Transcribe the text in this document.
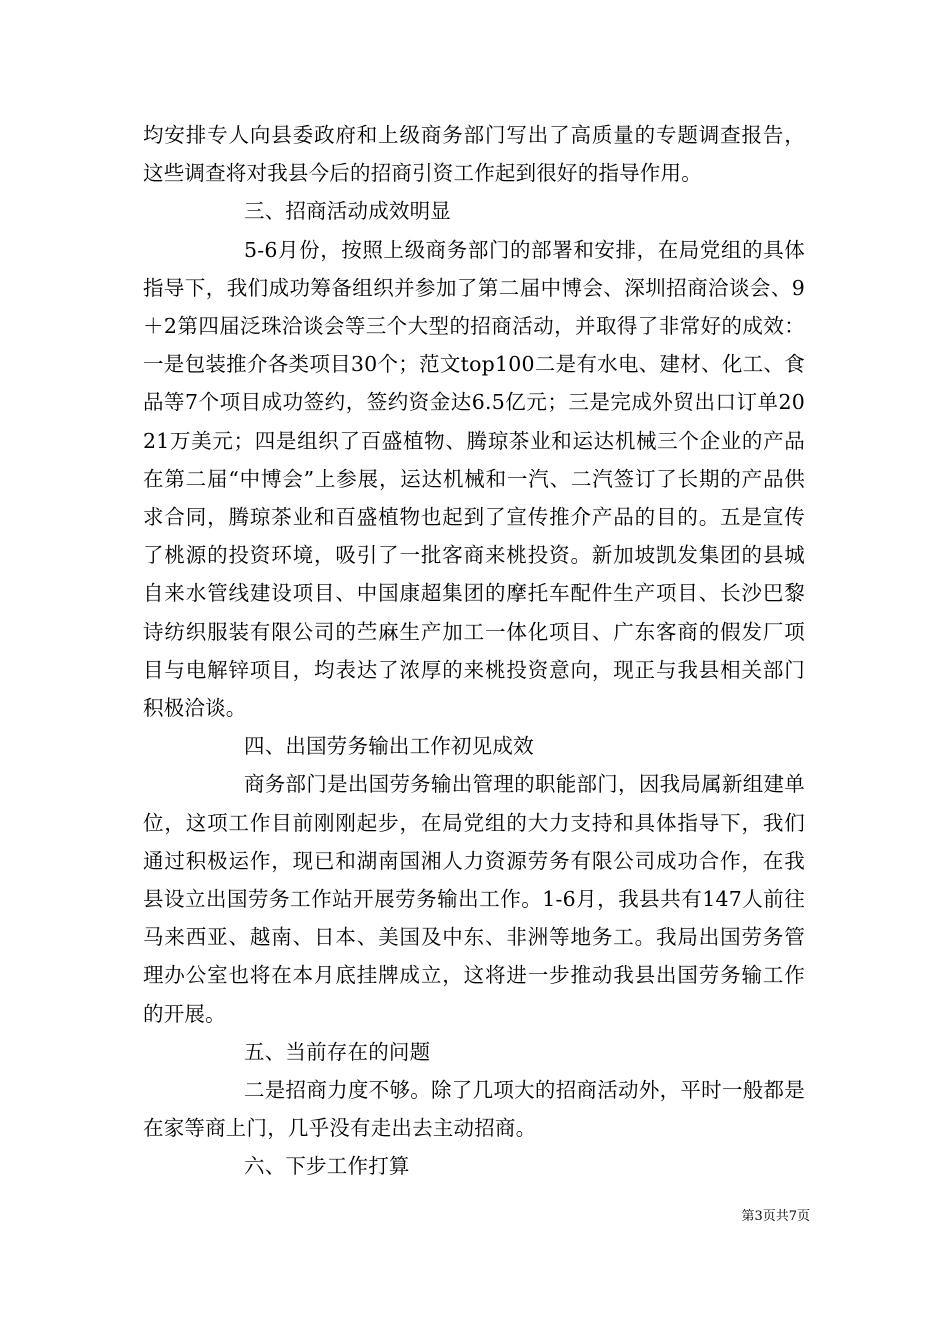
均安排专人向县委政府和上级商务部门写出了高质量的专题调查报告，这些调查将对我县今后的招商引资工作起到很好的指导作用。

三、招商活动成效明显

5-6月份，按照上级商务部门的部署和安排，在局党组的具体指导下，我们成功筹备组织并参加了第二届中博会、深圳招商洽谈会、9＋2第四届泛珠洽谈会等三个大型的招商活动，并取得了非常好的成效：一是包装推介各类项目30个；范文top100二是有水电、建材、化工、食品等7个项目成功签约，签约资金达6.5亿元；三是完成外贸出口订单2021万美元；四是组织了百盛植物、腾琼茶业和运达机械三个企业的产品在第二届“中博会”上参展，运达机械和一汽、二汽签订了长期的产品供求合同，腾琼茶业和百盛植物也起到了宣传推介产品的目的。五是宣传了桃源的投资环境，吸引了一批客商来桃投资。新加坡凯发集团的县城自来水管线建设项目、中国康超集团的摩托车配件生产项目、长沙巴黎诗纺织服装有限公司的苎麻生产加工一体化项目、广东客商的假发厂项目与电解锌项目，均表达了浓厚的来桃投资意向，现正与我县相关部门积极洽谈。

四、出国劳务输出工作初见成效

商务部门是出国劳务输出管理的职能部门，因我局属新组建单位，这项工作目前刚刚起步，在局党组的大力支持和具体指导下，我们通过积极运作，现已和湖南国湘人力资源劳务有限公司成功合作，在我县设立出国劳务工作站开展劳务输出工作。1-6月，我县共有147人前往马来西亚、越南、日本、美国及中东、非洲等地务工。我局出国劳务管理办公室也将在本月底挂牌成立，这将进一步推动我县出国劳务输工作的开展。

五、当前存在的问题

二是招商力度不够。除了几项大的招商活动外，平时一般都是在家等商上门，几乎没有走出去主动招商。

六、下步工作打算

第3页共7页
